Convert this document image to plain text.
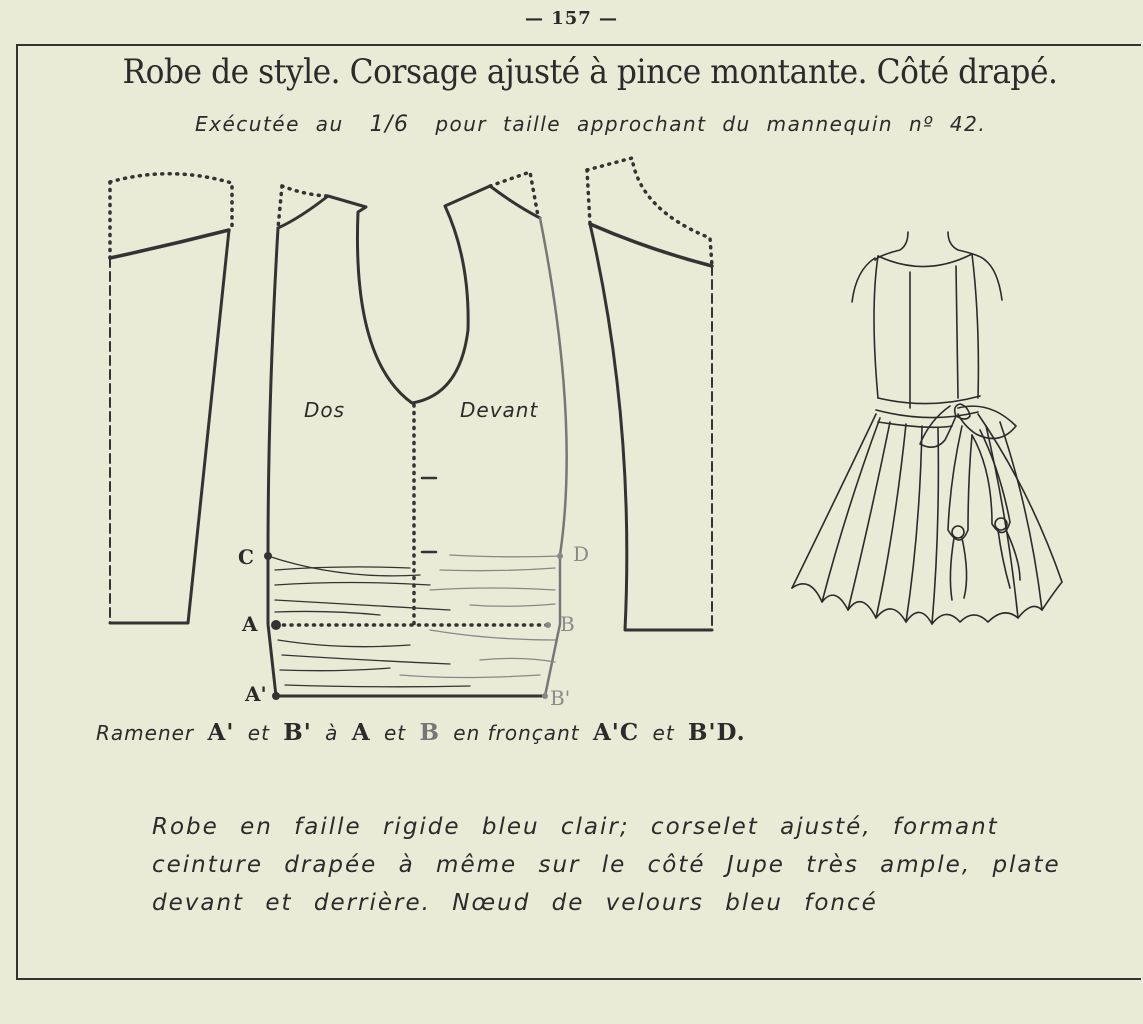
— 157 —
Robe de style. Corsage ajusté à pince montante. Côté drapé.
Exécutée au 1/6 pour taille approchant du mannequin nº 42.
Dos	Devant
C
A
A'
D
B
B'
Ramener A' et B' à A et B en fronçant A'C et B'D.
Robe en faille rigide bleu clair; corselet ajusté, formant
ceinture drapée à même sur le côté Jupe très ample, plate
devant et derrière. Nœud de velours bleu foncé
